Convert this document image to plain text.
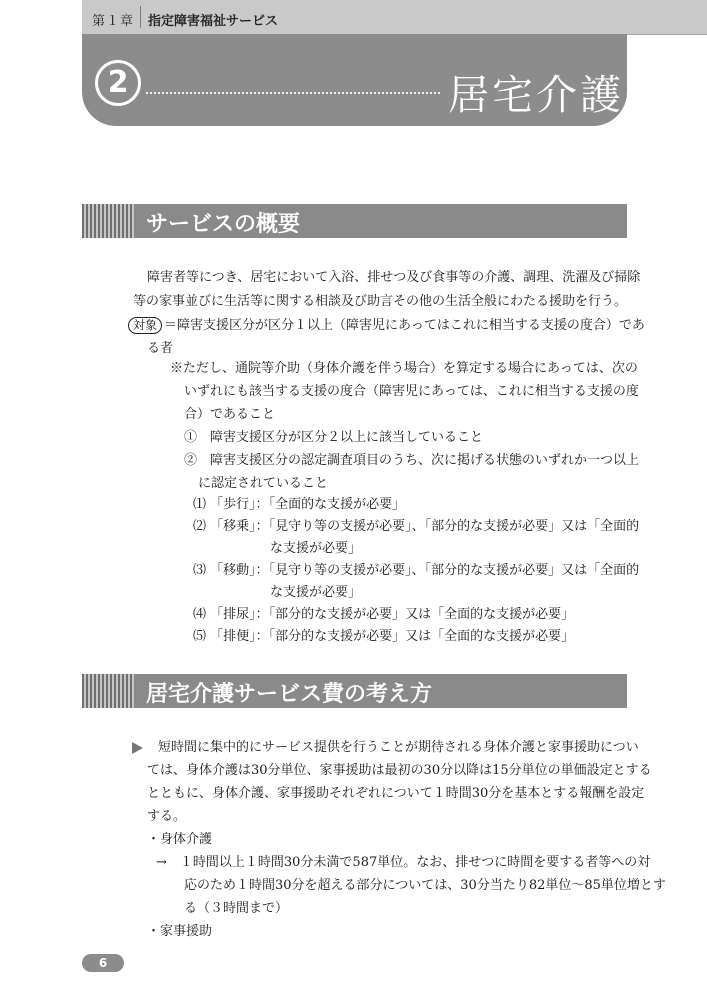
第１章 指定障害福祉サービス
2	居宅介護
サービスの概要
障害者等につき、居宅において入浴、排せつ及び食事等の介護、調理、洗濯及び掃除
等の家事並びに生活等に関する相談及び助言その他の生活全般にわたる援助を行う。
対象 ＝障害支援区分が区分１以上（障害児にあってはこれに相当する支援の度合）であ
る者
※ただし、通院等介助（身体介護を伴う場合）を算定する場合にあっては、次の
いずれにも該当する支援の度合（障害児にあっては、これに相当する支援の度
合）であること
①　障害支援区分が区分２以上に該当していること
②　障害支援区分の認定調査項目のうち、次に掲げる状態のいずれか一つ以上
に認定されていること
⑴ 「歩行」：「全面的な支援が必要」
⑵ 「移乗」：「見守り等の支援が必要」、「部分的な支援が必要」又は「全面的
な支援が必要」
⑶ 「移動」：「見守り等の支援が必要」、「部分的な支援が必要」又は「全面的
な支援が必要」
⑷ 「排尿」：「部分的な支援が必要」又は「全面的な支援が必要」
⑸ 「排便」：「部分的な支援が必要」又は「全面的な支援が必要」
居宅介護サービス費の考え方
短時間に集中的にサービス提供を行うことが期待される身体介護と家事援助につい
ては、身体介護は30分単位、家事援助は最初の30分以降は15分単位の単価設定とする
とともに、身体介護、家事援助それぞれについて１時間30分を基本とする報酬を設定
する。
・身体介護
→　１時間以上１時間30分未満で587単位。なお、排せつに時間を要する者等への対
応のため１時間30分を超える部分については、30分当たり82単位～85単位増とす
る（３時間まで）
・家事援助
6
